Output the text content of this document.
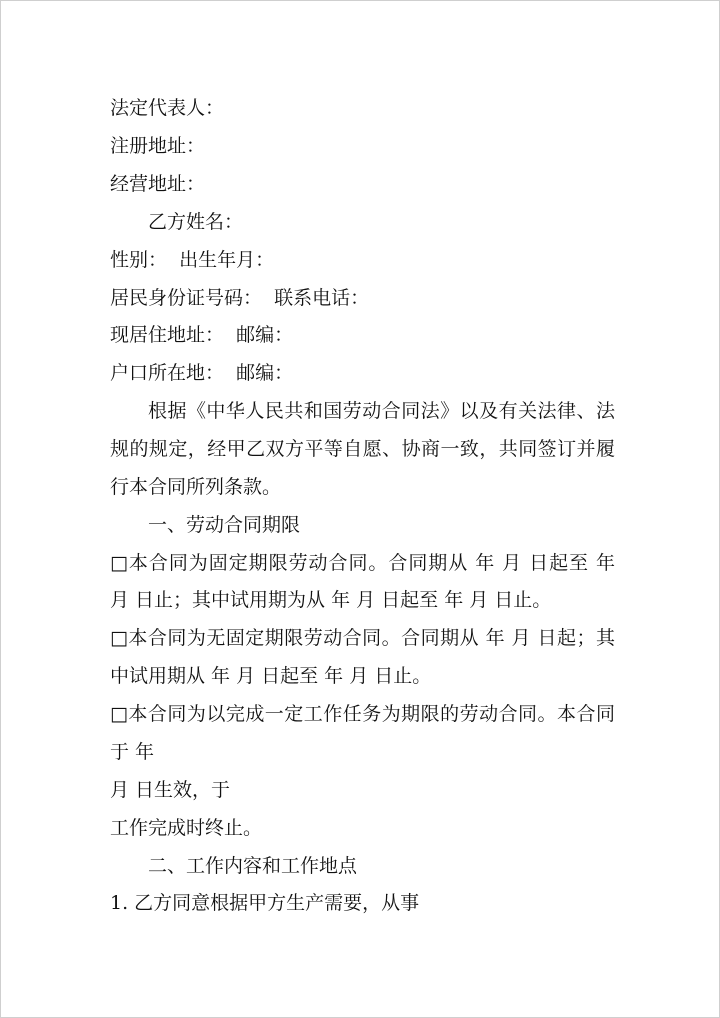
法定代表人：
注册地址：
经营地址：
乙方姓名：
性别：  出生年月：
居民身份证号码：  联系电话：
现居住地址：  邮编：
户口所在地：  邮编：
根据《中华人民共和国劳动合同法》以及有关法律、法
规的规定，经甲乙双方平等自愿、协商一致，共同签订并履
行本合同所列条款。
一、劳动合同期限
□本合同为固定期限劳动合同。合同期从 年 月 日起至 年
月 日止；其中试用期为从 年 月 日起至 年 月 日止。
□本合同为无固定期限劳动合同。合同期从 年 月 日起；其
中试用期从 年 月 日起至 年 月 日止。
□本合同为以完成一定工作任务为期限的劳动合同。本合同
于 年
月 日生效，于
工作完成时终止。
二、工作内容和工作地点
1. 乙方同意根据甲方生产需要，从事
